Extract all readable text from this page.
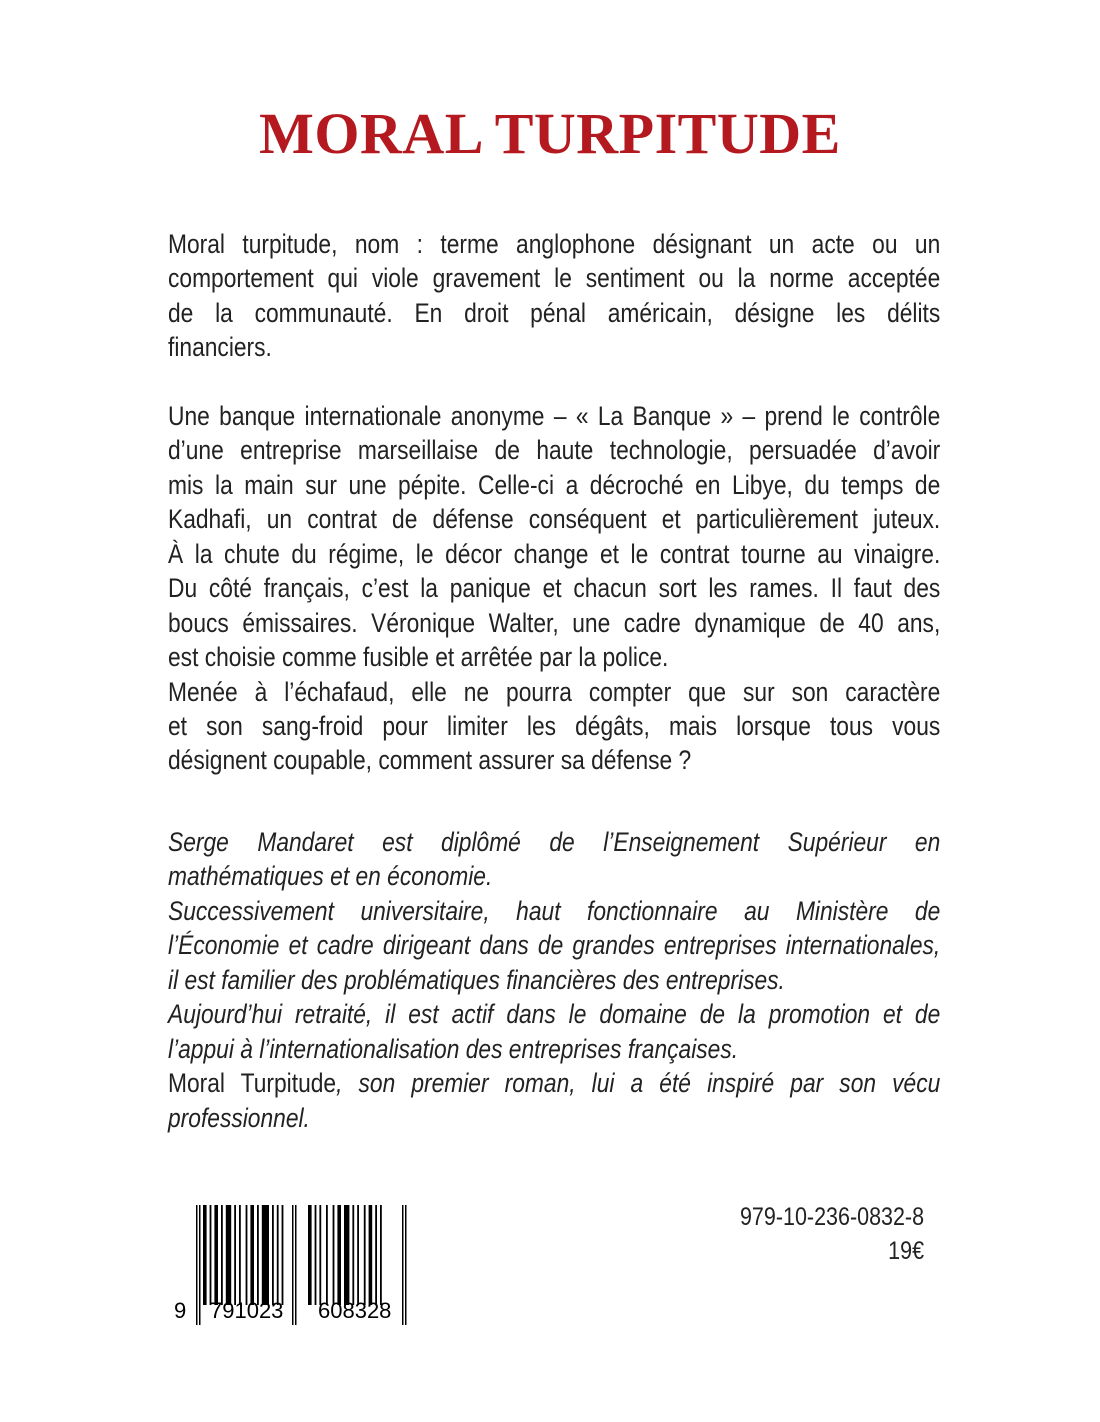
MORAL TURPITUDE
Moral turpitude, nom : terme anglophone désignant un acte ou un
comportement qui viole gravement le sentiment ou la norme acceptée
de la communauté. En droit pénal américain, désigne les délits
financiers.
Une banque internationale anonyme – « La Banque » – prend le contrôle
d’une entreprise marseillaise de haute technologie, persuadée d’avoir
mis la main sur une pépite. Celle-ci a décroché en Libye, du temps de
Kadhafi, un contrat de défense conséquent et particulièrement juteux.
À la chute du régime, le décor change et le contrat tourne au vinaigre.
Du côté français, c’est la panique et chacun sort les rames. Il faut des
boucs émissaires. Véronique Walter, une cadre dynamique de 40 ans,
est choisie comme fusible et arrêtée par la police.
Menée à l’échafaud, elle ne pourra compter que sur son caractère
et son sang-froid pour limiter les dégâts, mais lorsque tous vous
désignent coupable, comment assurer sa défense ?
Serge Mandaret est diplômé de l’Enseignement Supérieur en
mathématiques et en économie.
Successivement universitaire, haut fonctionnaire au Ministère de
l’Économie et cadre dirigeant dans de grandes entreprises internationales,
il est familier des problématiques financières des entreprises.
Aujourd’hui retraité, il est actif dans le domaine de la promotion et de
l’appui à l’internationalisation des entreprises françaises.
Moral Turpitude, son premier roman, lui a été inspiré par son vécu
professionnel.
9 791023 608328
979-10-236-0832-8
19€
